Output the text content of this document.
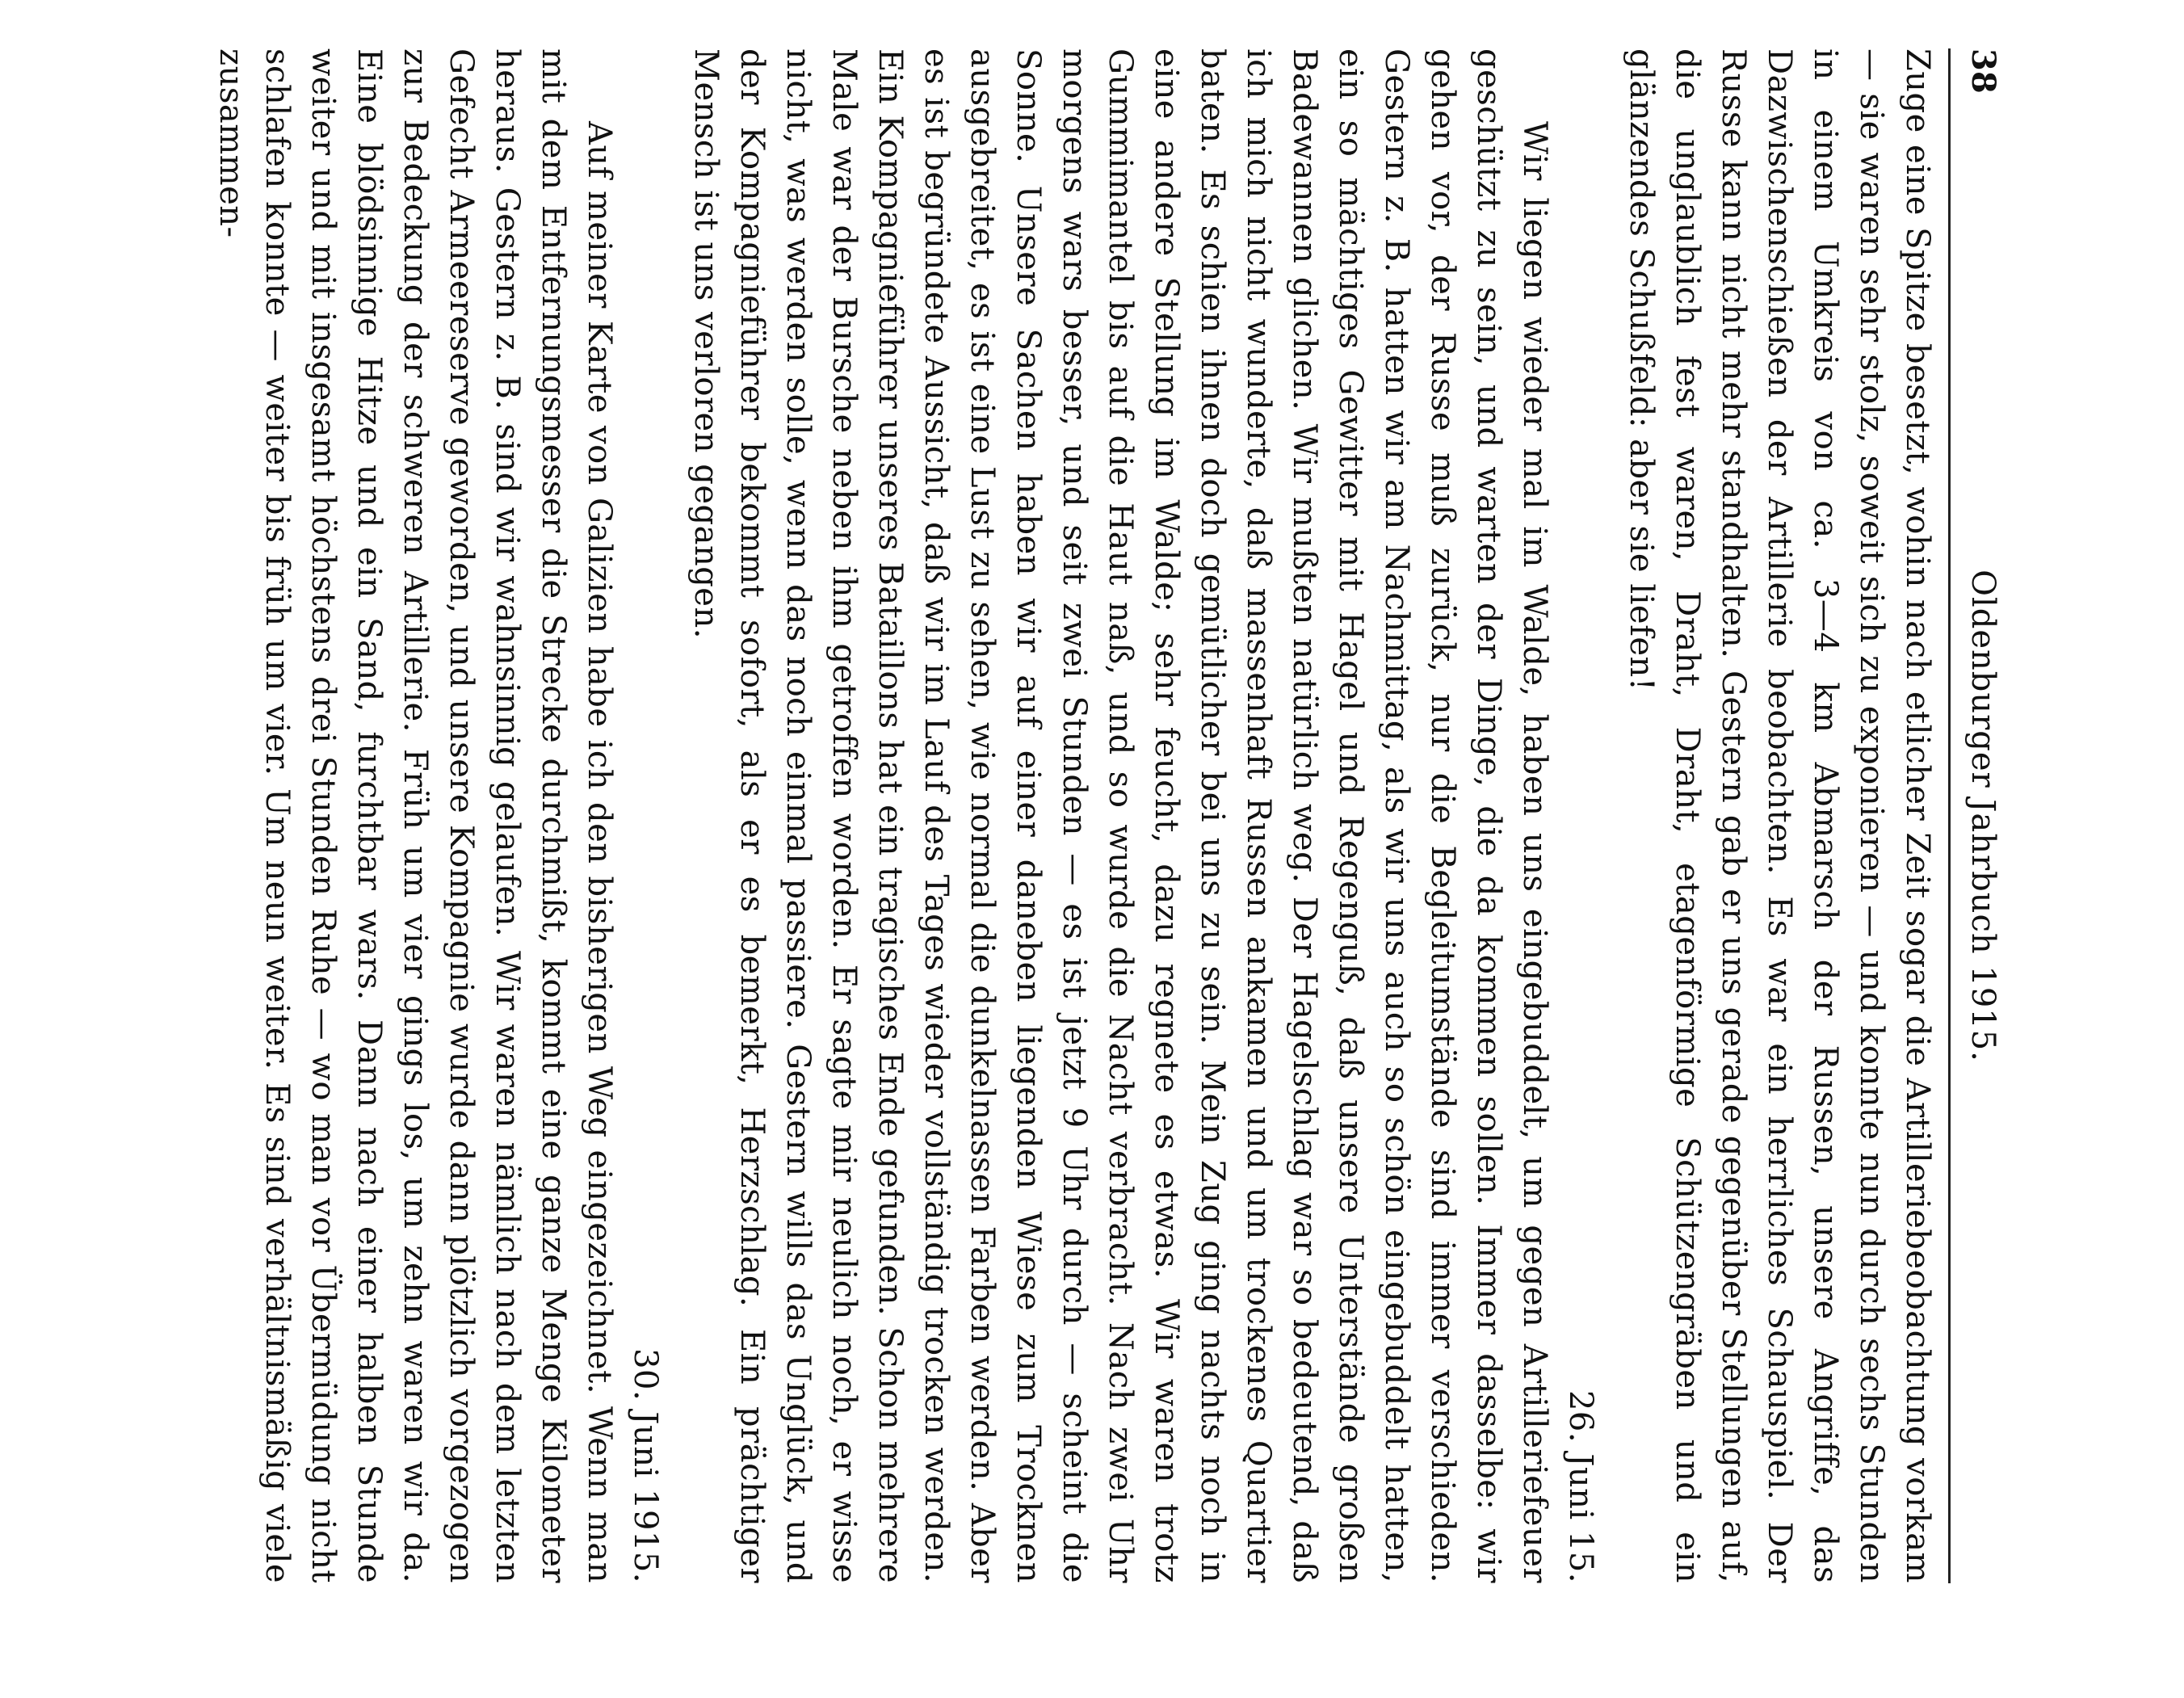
38
Oldenburger Jahrbuch 1915.

Zuge eine Spitze besetzt, wohin nach etlicher Zeit sogar die Artilleriebeobachtung vorkam — sie waren sehr stolz, soweit sich zu exponieren — und konnte nun durch sechs Stunden in einem Umkreis von ca. 3—4 km Abmarsch der Russen, unsere Angriffe, das Dazwischenschießen der Artillerie beobachten. Es war ein herrliches Schauspiel. Der Russe kann nicht mehr standhalten. Gestern gab er uns gerade gegenüber Stellungen auf, die unglaublich fest waren, Draht, Draht, etagenförmige Schützengräben und ein glänzendes Schußfeld: aber sie liefen!

26. Juni 15.

Wir liegen wieder mal im Walde, haben uns eingebuddelt, um gegen Artilleriefeuer geschützt zu sein, und warten der Dinge, die da kommen sollen. Immer dasselbe: wir gehen vor, der Russe muß zurück, nur die Begleitumstände sind immer verschieden. Gestern z. B. hatten wir am Nachmittag, als wir uns auch so schön eingebuddelt hatten, ein so mächtiges Gewitter mit Hagel und Regenguß, daß unsere Unterstände großen Badewannen glichen. Wir mußten natürlich weg. Der Hagelschlag war so bedeutend, daß ich mich nicht wunderte, daß massenhaft Russen ankamen und um trockenes Quartier baten. Es schien ihnen doch gemütlicher bei uns zu sein. Mein Zug ging nachts noch in eine andere Stellung im Walde; sehr feucht, dazu regnete es etwas. Wir waren trotz Gummimantel bis auf die Haut naß, und so wurde die Nacht verbracht. Nach zwei Uhr morgens wars besser, und seit zwei Stunden — es ist jetzt 9 Uhr durch — scheint die Sonne. Unsere Sachen haben wir auf einer daneben liegenden Wiese zum Trocknen ausgebreitet, es ist eine Lust zu sehen, wie normal die dunkelnassen Farben werden. Aber es ist begründete Aussicht, daß wir im Lauf des Tages wieder vollständig trocken werden. Ein Kompagnieführer unseres Bataillons hat ein tragisches Ende gefunden. Schon mehrere Male war der Bursche neben ihm getroffen worden. Er sagte mir neulich noch, er wisse nicht, was werden solle, wenn das noch einmal passiere. Gestern wills das Unglück, und der Kompagnieführer bekommt sofort, als er es bemerkt, Herzschlag. Ein prächtiger Mensch ist uns verloren gegangen.

30. Juni 1915.

Auf meiner Karte von Galizien habe ich den bisherigen Weg eingezeichnet. Wenn man mit dem Entfernungsmesser die Strecke durchmißt, kommt eine ganze Menge Kilometer heraus. Gestern z. B. sind wir wahnsinnig gelaufen. Wir waren nämlich nach dem letzten Gefecht Armeereserve geworden, und unsere Kompagnie wurde dann plötzlich vorgezogen zur Bedeckung der schweren Artillerie. Früh um vier gings los, um zehn waren wir da. Eine blödsinnige Hitze und ein Sand, furchtbar wars. Dann nach einer halben Stunde weiter und mit insgesamt höchstens drei Stunden Ruhe — wo man vor Übermüdung nicht schlafen konnte — weiter bis früh um vier. Um neun weiter. Es sind verhältnismäßig viele zusammen-
